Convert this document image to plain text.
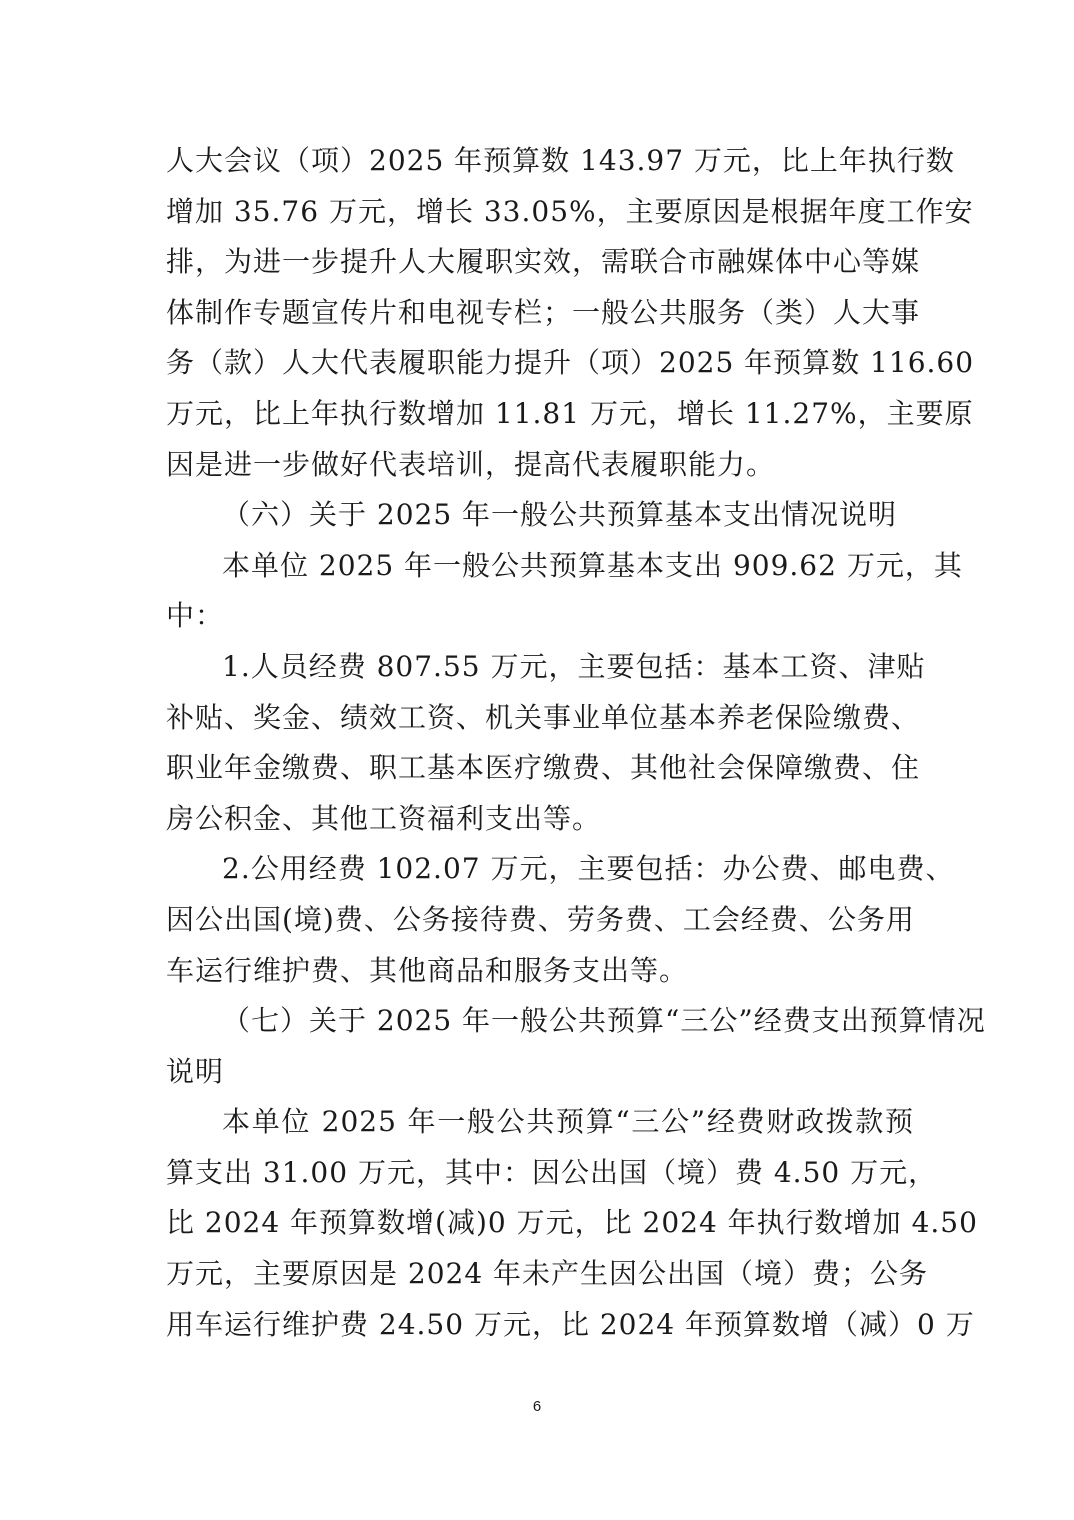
人大会议（项）2025 年预算数 143.97 万元，比上年执行数
增加 35.76 万元，增长 33.05%，主要原因是根据年度工作安
排，为进一步提升人大履职实效，需联合市融媒体中心等媒
体制作专题宣传片和电视专栏；一般公共服务（类）人大事
务（款）人大代表履职能力提升（项）2025 年预算数 116.60
万元，比上年执行数增加 11.81 万元，增长 11.27%，主要原
因是进一步做好代表培训，提高代表履职能力。
（六）关于 2025 年一般公共预算基本支出情况说明
本单位 2025 年一般公共预算基本支出 909.62 万元，其
中：
1.人员经费 807.55 万元，主要包括：基本工资、津贴
补贴、奖金、绩效工资、机关事业单位基本养老保险缴费、
职业年金缴费、职工基本医疗缴费、其他社会保障缴费、住
房公积金、其他工资福利支出等。
2.公用经费 102.07 万元，主要包括：办公费、邮电费、
因公出国(境)费、公务接待费、劳务费、工会经费、公务用
车运行维护费、其他商品和服务支出等。
（七）关于 2025 年一般公共预算“三公”经费支出预算情况
说明
本单位 2025 年一般公共预算“三公”经费财政拨款预
算支出 31.00 万元，其中：因公出国（境）费 4.50 万元，
比 2024 年预算数增(减)0 万元，比 2024 年执行数增加 4.50
万元，主要原因是 2024 年未产生因公出国（境）费；公务
用车运行维护费 24.50 万元，比 2024 年预算数增（减）0 万
6
